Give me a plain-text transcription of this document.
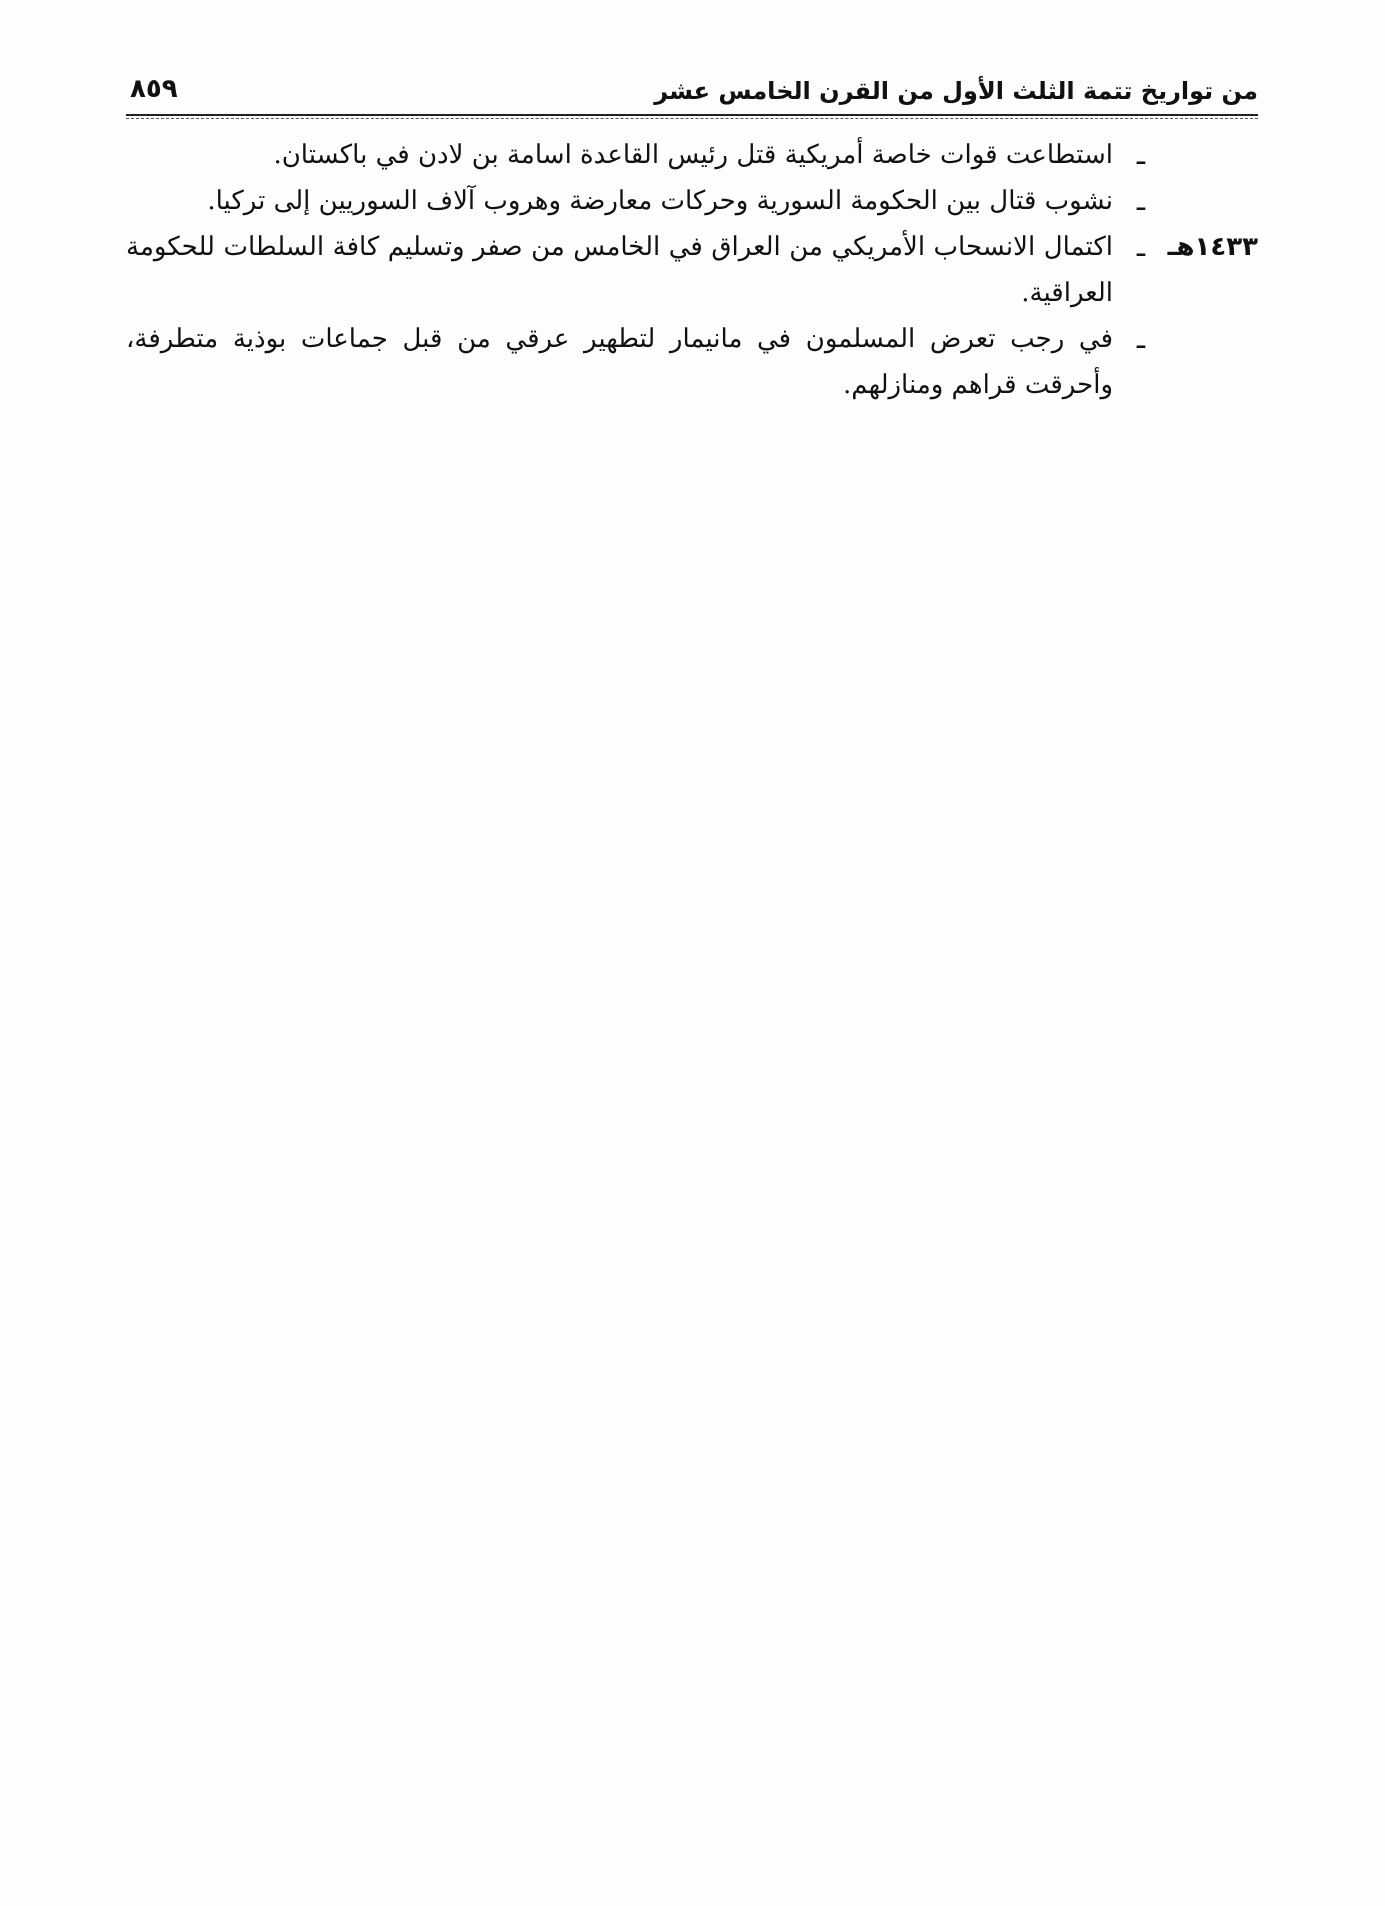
من تواريخ تتمة الثلث الأول من القرن الخامس عشر
٨٥٩
ـ
استطاعت قوات خاصة أمريكية قتل رئيس القاعدة اسامة بن لادن في باكستان.
ـ
نشوب قتال بين الحكومة السورية وحركات معارضة وهروب آلاف السوريين إلى تركيا.
١٤٣٣هـ
ـ
اكتمال الانسحاب الأمريكي من العراق في الخامس من صفر وتسليم كافة السلطات للحكومة العراقية.
ـ
في رجب تعرض المسلمون في مانيمار لتطهير عرقي من قبل جماعات بوذية متطرفة، وأحرقت قراهم ومنازلهم.
